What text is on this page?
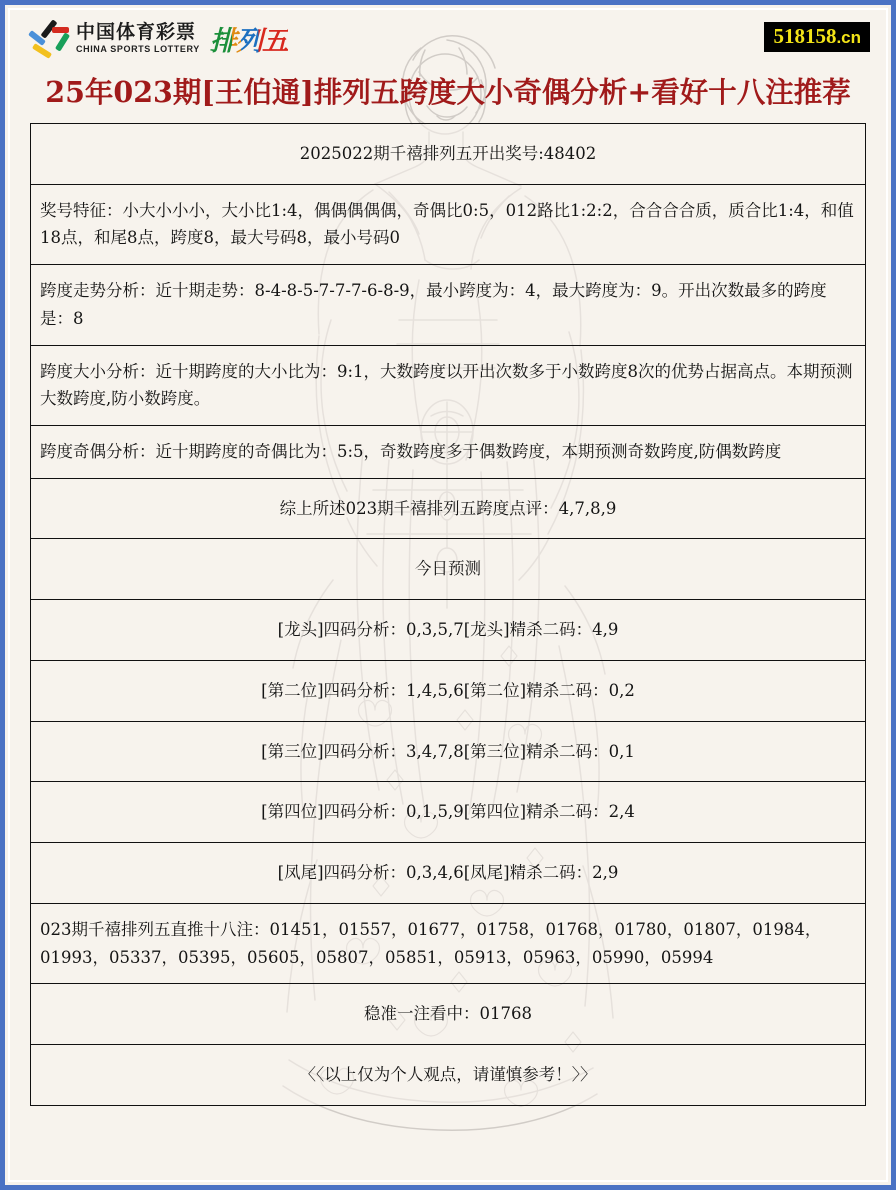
中国体育彩票
CHINA SPORTS LOTTERY 排列五	518158.cn
25年023期[王伯通]排列五跨度大小奇偶分析+看好十八注推荐
2025022期千禧排列五开出奖号:48402
奖号特征：小大小小小，大小比1:4，偶偶偶偶偶，奇偶比0:5，012路比1:2:2，合合合合质，质合比1:4，和值18点，和尾8点，跨度8，最大号码8，最小号码0
跨度走势分析：近十期走势：8-4-8-5-7-7-7-6-8-9，最小跨度为：4，最大跨度为：9。开出次数最多的跨度是：8
跨度大小分析：近十期跨度的大小比为：9:1，大数跨度以开出次数多于小数跨度8次的优势占据高点。本期预测大数跨度,防小数跨度。
跨度奇偶分析：近十期跨度的奇偶比为：5:5，奇数跨度多于偶数跨度，本期预测奇数跨度,防偶数跨度
综上所述023期千禧排列五跨度点评：4,7,8,9
今日预测
[龙头]四码分析：0,3,5,7[龙头]精杀二码：4,9
[第二位]四码分析：1,4,5,6[第二位]精杀二码：0,2
[第三位]四码分析：3,4,7,8[第三位]精杀二码：0,1
[第四位]四码分析：0,1,5,9[第四位]精杀二码：2,4
[凤尾]四码分析：0,3,4,6[凤尾]精杀二码：2,9
023期千禧排列五直推十八注：01451，01557，01677，01758，01768，01780，01807，01984，01993，05337，05395，05605，05807，05851，05913，05963，05990，05994
稳准一注看中：01768
〈〈以上仅为个人观点，请谨慎参考！〉〉
